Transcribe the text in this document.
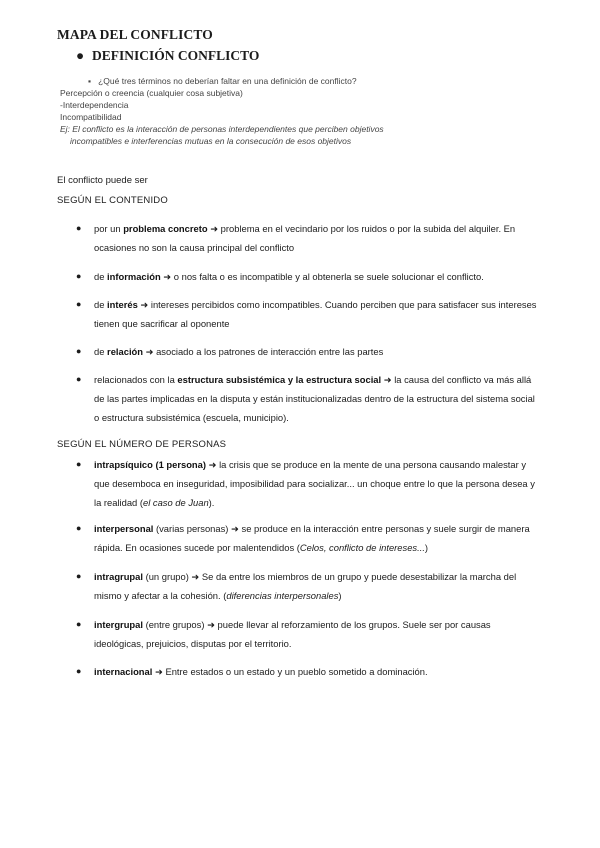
MAPA DEL CONFLICTO
● DEFINICIÓN CONFLICTO
▪   ¿Qué tres términos no deberían faltar en una definición de conflicto?
Percepción o creencia (cualquier cosa subjetiva)
-Interdependencia
Incompatibilidad
Ej: El conflicto es la interacción de personas interdependientes que perciben objetivos
incompatibles e interferencias mutuas en la consecución de esos objetivos
El conflicto puede ser
SEGÚN EL CONTENIDO
● por un problema concreto ➜ problema en el vecindario por los ruidos o por la subida del alquiler. En ocasiones no son la causa principal del conflicto
● de información ➜ o nos falta o es incompatible y al obtenerla se suele solucionar el conflicto.
● de interés ➜ intereses percibidos como incompatibles. Cuando perciben que para satisfacer sus intereses tienen que sacrificar al oponente
● de relación ➜ asociado a los patrones de interacción entre las partes
● relacionados con la estructura subsistémica y la estructura social ➜ la causa del conflicto va más allá de las partes implicadas en la disputa y están institucionalizadas dentro de la estructura del sistema social o estructura subsistémica (escuela, municipio).
SEGÚN EL NÚMERO DE PERSONAS
● intrapsíquico (1 persona) ➜ la crisis que se produce en la mente de una persona causando malestar y que desemboca en inseguridad, imposibilidad para socializar... un choque entre lo que la persona desea y la realidad (el caso de Juan).
● interpersonal (varias personas) ➜ se produce en la interacción entre personas y suele surgir de manera rápida. En ocasiones sucede por malentendidos (Celos, conflicto de intereses...)
● intragrupal (un grupo) ➜ Se da entre los miembros de un grupo y puede desestabilizar la marcha del mismo y afectar a la cohesión. (diferencias interpersonales)
● intergrupal (entre grupos) ➜ puede llevar al reforzamiento de los grupos. Suele ser por causas ideológicas, prejuicios, disputas por el territorio.
● internacional ➜ Entre estados o un estado y un pueblo sometido a dominación.
